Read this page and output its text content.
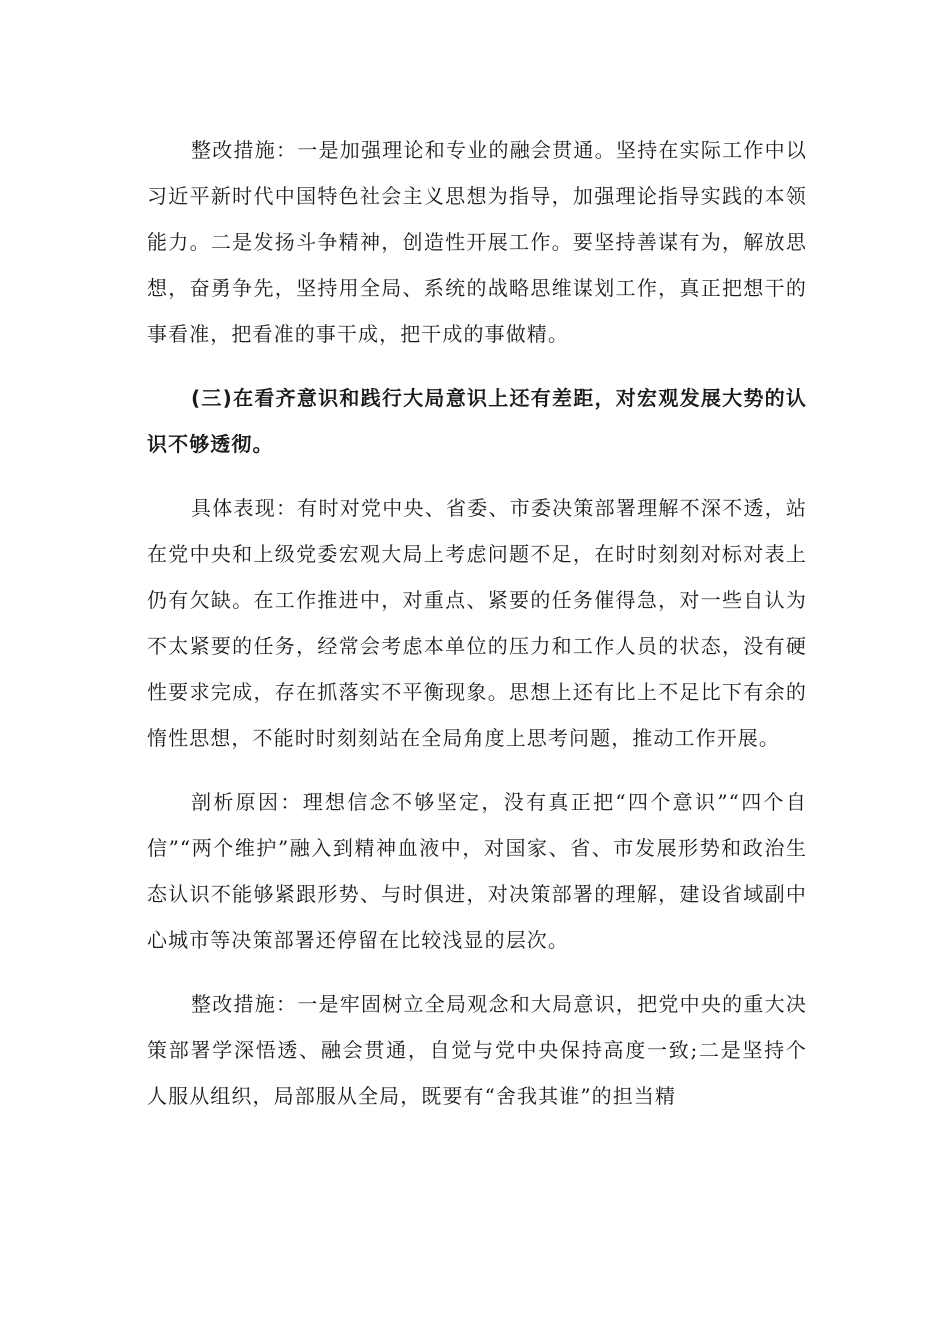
整改措施：一是加强理论和专业的融会贯通。坚持在实际工作中以习近平新时代中国特色社会主义思想为指导，加强理论指导实践的本领能力。二是发扬斗争精神，创造性开展工作。要坚持善谋有为，解放思想，奋勇争先，坚持用全局、系统的战略思维谋划工作，真正把想干的事看准，把看准的事干成，把干成的事做精。

(三)在看齐意识和践行大局意识上还有差距，对宏观发展大势的认识不够透彻。

具体表现：有时对党中央、省委、市委决策部署理解不深不透，站在党中央和上级党委宏观大局上考虑问题不足，在时时刻刻对标对表上仍有欠缺。在工作推进中，对重点、紧要的任务催得急，对一些自认为不太紧要的任务，经常会考虑本单位的压力和工作人员的状态，没有硬性要求完成，存在抓落实不平衡现象。思想上还有比上不足比下有余的惰性思想，不能时时刻刻站在全局角度上思考问题，推动工作开展。

剖析原因：理想信念不够坚定，没有真正把“四个意识”“四个自信”“两个维护”融入到精神血液中，对国家、省、市发展形势和政治生态认识不能够紧跟形势、与时俱进，对决策部署的理解，建设省域副中心城市等决策部署还停留在比较浅显的层次。

整改措施：一是牢固树立全局观念和大局意识，把党中央的重大决策部署学深悟透、融会贯通，自觉与党中央保持高度一致;二是坚持个人服从组织，局部服从全局，既要有“舍我其谁”的担当精
